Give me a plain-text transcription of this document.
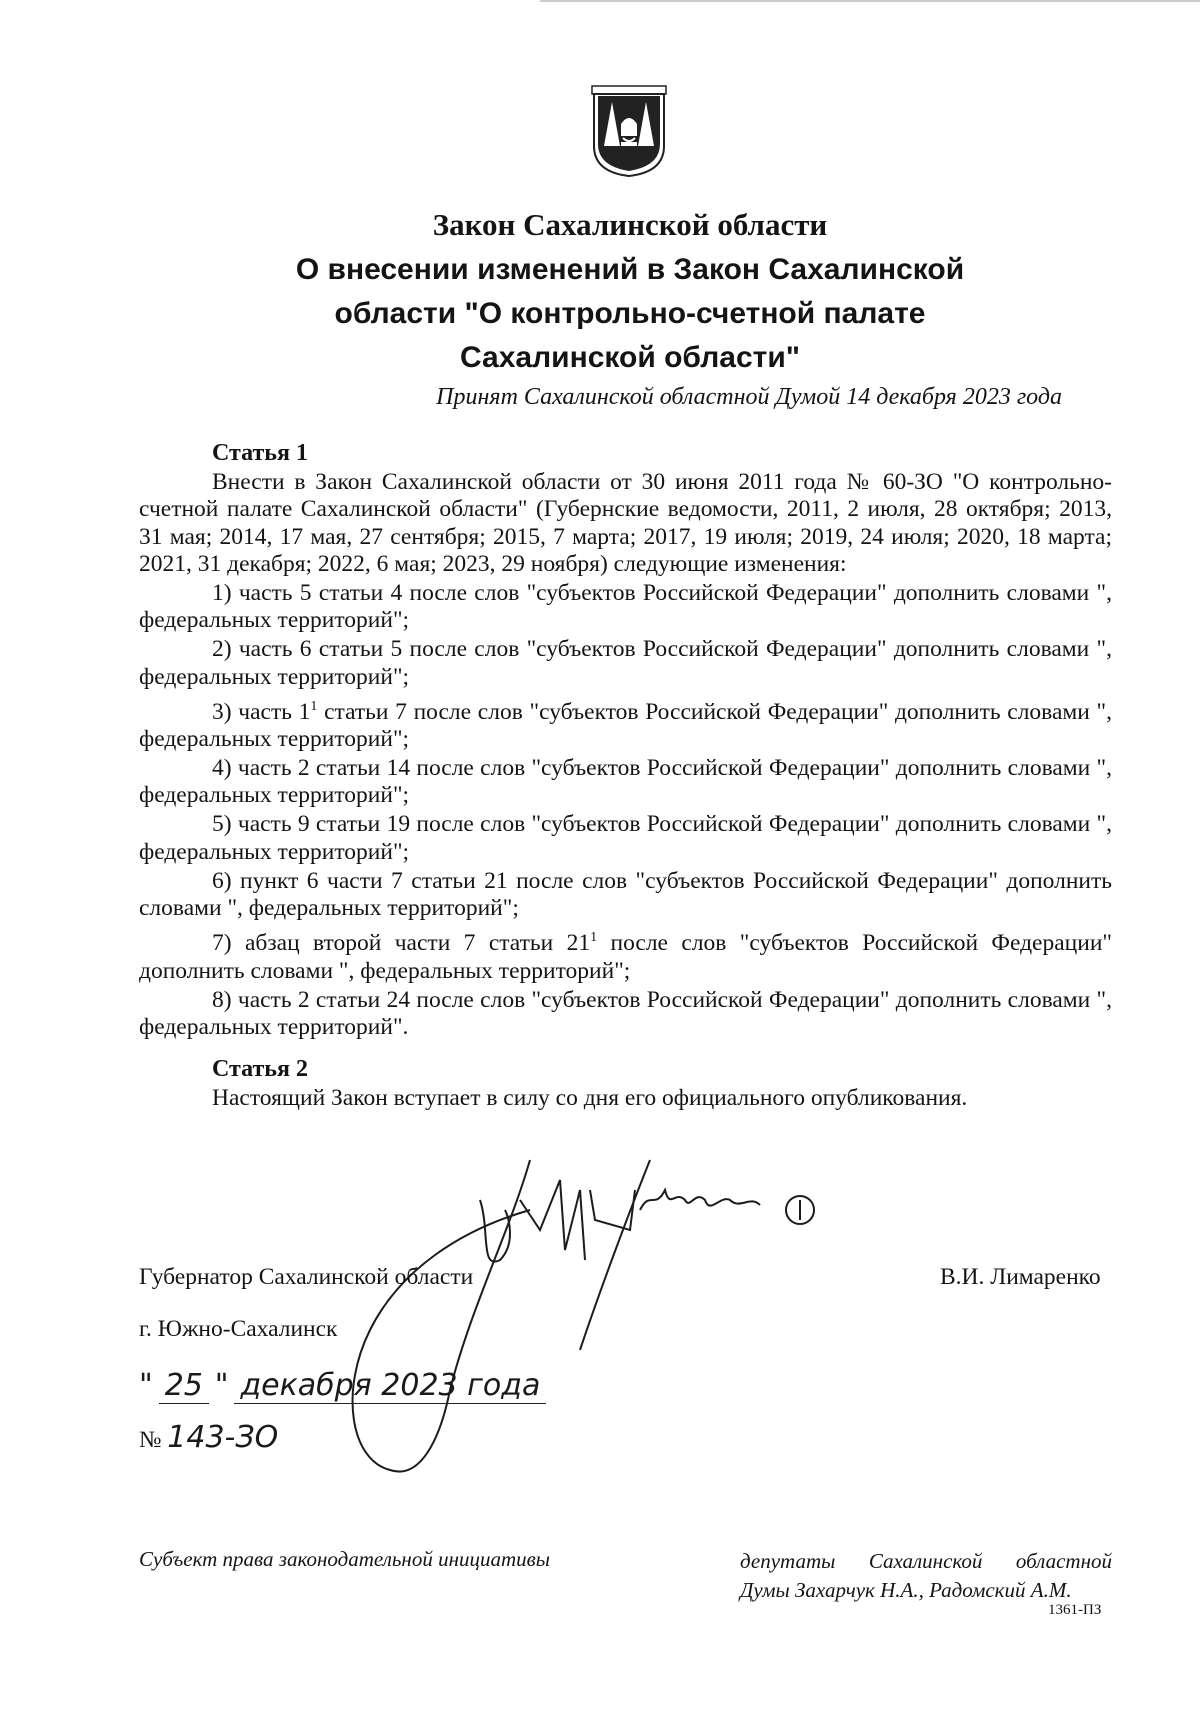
Закон Сахалинской области
О внесении изменений в Закон Сахалинской
области "О контрольно-счетной палате
Сахалинской области"
Принят Сахалинской областной Думой 14 декабря 2023 года
Статья 1

Внести в Закон Сахалинской области от 30 июня 2011 года № 60-ЗО "О контрольно-счетной палате Сахалинской области" (Губернские ведомости, 2011, 2 июля, 28 октября; 2013, 31 мая; 2014, 17 мая, 27 сентября; 2015, 7 марта; 2017, 19 июля; 2019, 24 июля; 2020, 18 марта; 2021, 31 декабря; 2022, 6 мая; 2023, 29 ноября) следующие изменения:

1) часть 5 статьи 4 после слов "субъектов Российской Федерации" дополнить словами ", федеральных территорий";

2) часть 6 статьи 5 после слов "субъектов Российской Федерации" дополнить словами ", федеральных территорий";

3) часть $1^1$ статьи 7 после слов "субъектов Российской Федерации" дополнить словами ", федеральных территорий";

4) часть 2 статьи 14 после слов "субъектов Российской Федерации" дополнить словами ", федеральных территорий";

5) часть 9 статьи 19 после слов "субъектов Российской Федерации" дополнить словами ", федеральных территорий";

6) пункт 6 части 7 статьи 21 после слов "субъектов Российской Федерации" дополнить словами ", федеральных территорий";

7) абзац второй части 7 статьи $21^1$ после слов "субъектов Российской Федерации" дополнить словами ", федеральных территорий";

8) часть 2 статьи 24 после слов "субъектов Российской Федерации" дополнить словами ", федеральных территорий".

Статья 2

Настоящий Закон вступает в силу со дня его официального опубликования.

Губернатор Сахалинской области	В.И. Лимаренко
г. Южно-Сахалинск
" 25 " декабря 2023 года
№ 143-ЗО
Субъект права законодательной инициативы	депутаты Сахалинской областной
Думы Захарчук Н.А., Радомский А.М.
1361-ПЗ
